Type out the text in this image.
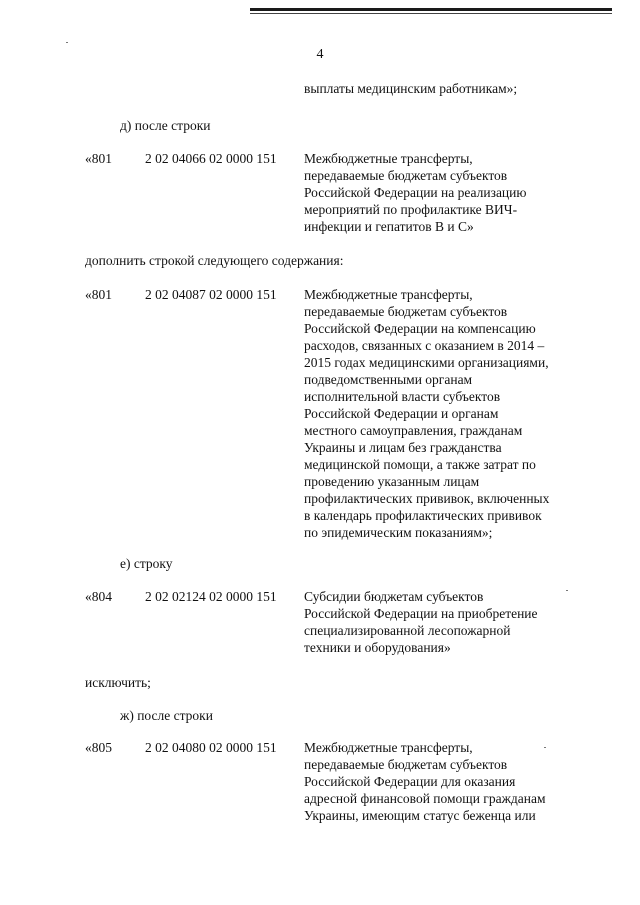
4
выплаты медицинским работникам»;
д) после строки
«801 2 02 04066 02 0000 151 Межбюджетные трансферты,
передаваемые бюджетам субъектов
Российской Федерации на реализацию
мероприятий по профилактике ВИЧ-
инфекции и гепатитов В и С»
дополнить строкой следующего содержания:
«801 2 02 04087 02 0000 151 Межбюджетные трансферты,
передаваемые бюджетам субъектов
Российской Федерации на компенсацию
расходов, связанных с оказанием в 2014 –
2015 годах медицинскими организациями,
подведомственными органам
исполнительной власти субъектов
Российской Федерации и органам
местного самоуправления, гражданам
Украины и лицам без гражданства
медицинской помощи, а также затрат по
проведению указанным лицам
профилактических прививок, включенных
в календарь профилактических прививок
по эпидемическим показаниям»;
е) строку
«804 2 02 02124 02 0000 151 Субсидии бюджетам субъектов
Российской Федерации на приобретение
специализированной лесопожарной
техники и оборудования»
исключить;
ж) после строки
«805 2 02 04080 02 0000 151 Межбюджетные трансферты,
передаваемые бюджетам субъектов
Российской Федерации для оказания
адресной финансовой помощи гражданам
Украины, имеющим статус беженца или
